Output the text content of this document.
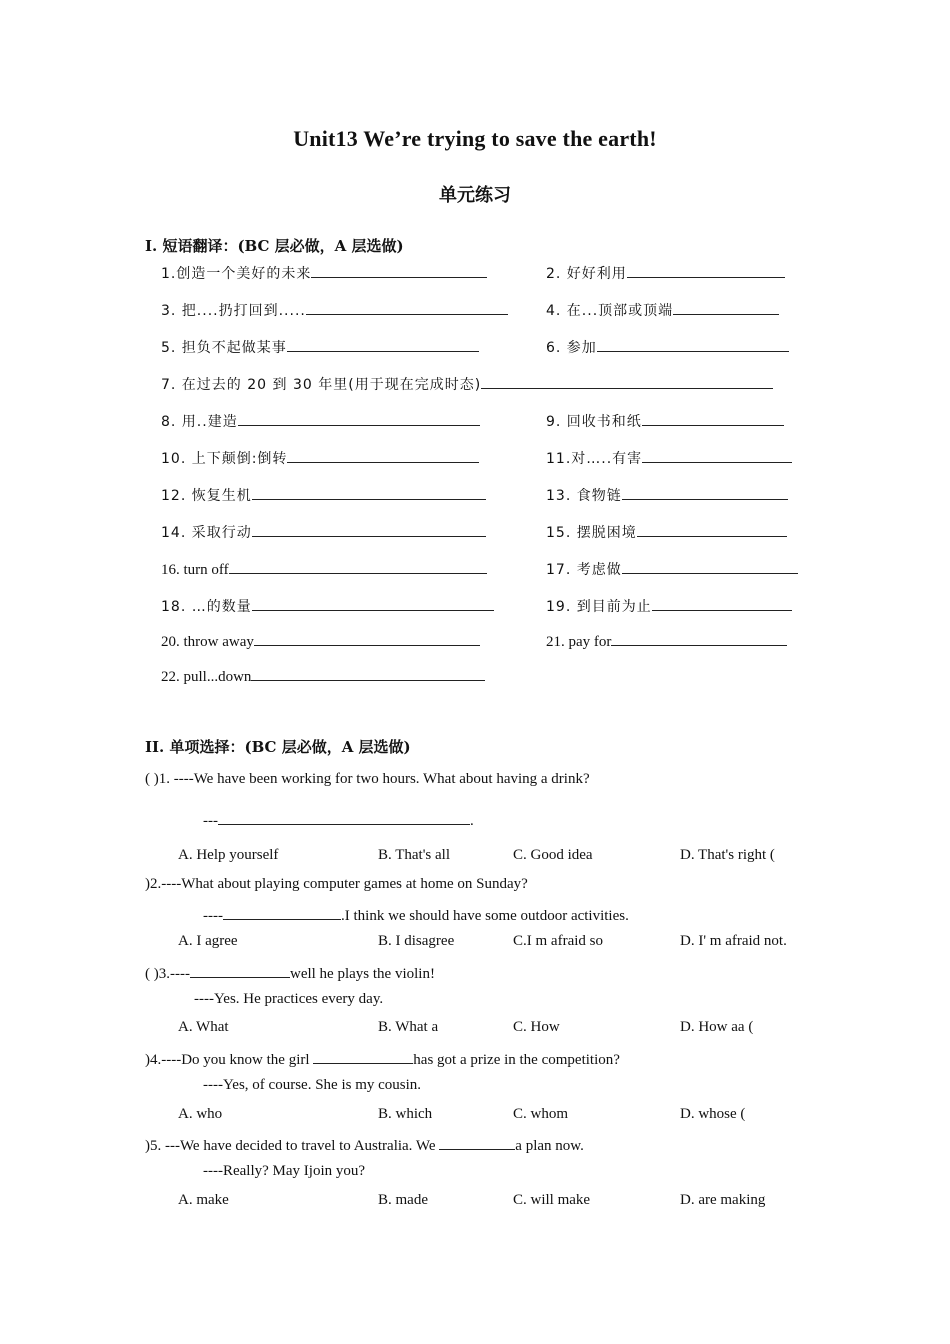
Unit13 We’re trying to save the earth!
单元练习
I. 短语翻译：(BC 层必做，A 层选做)
1.创造一个美好的未来	2. 好好利用
3. 把....扔打回到.....	4. 在...顶部或顶端
5. 担负不起做某事	6. 参加
7. 在过去的 20 到 30 年里(用于现在完成时态)
8. 用..建造	9. 回收书和纸
10. 上下颠倒:倒转	11.对…..有害
12. 恢复生机	13. 食物链
14. 采取行动	15. 摆脱困境
16. turn off	17. 考虑做
18. …的数量	19. 到目前为止
20. throw away	21. pay for
22. pull...down
II. 单项选择：(BC 层必做，A 层选做)
( )1. ----We have been working for two hours. What about having a drink?
---	.
A. Help yourself	B. That's all	C. Good idea	D. That's right (
)2.----What about playing computer games at home on Sunday?
----	.I think we should have some outdoor activities.
A. I agree	B. I disagree	C.I m afraid so	D. I' m afraid not.
( )3.----	well he plays the violin!
----Yes. He practices every day.
A. What	B. What a	C. How	D. How aa (
)4.----Do you know the girl	has got a prize in the competition?
----Yes, of course. She is my cousin.
A. who	B. which	C. whom	D. whose (
)5. ---We have decided to travel to Australia. We	a plan now.
----Really? May Ijoin you?
A. make	B. made	C. will make	D. are making
